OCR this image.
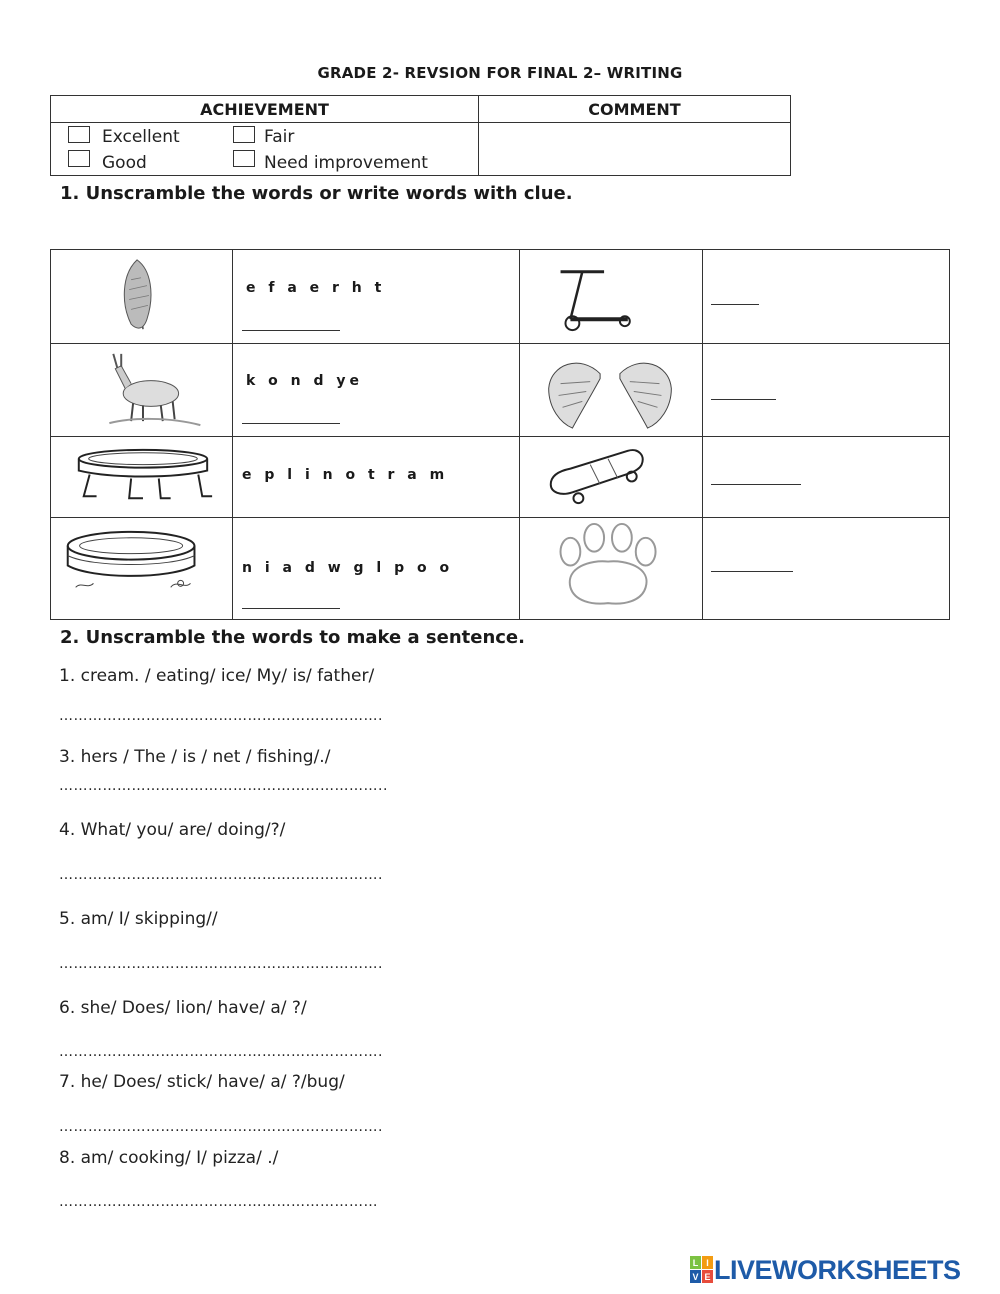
GRADE 2- REVSION FOR FINAL 2– WRITING
ACHIEVEMENT	COMMENT

Excellent Fair
Good Need improvement	

1. Unscramble the words or write words with clue.

e f a e r h t

k o n d ye

e p l i n o t r a m

n i a d w g l p o o

2. Unscramble the words to make a sentence.
1. cream. / eating/ ice/ My/ is/ father/
………………………………………………………….
3. hers / The / is / net / fishing/./
…………………………………………………………..
4. What/ you/ are/ doing/?/
………………………………………………………….
5. am/ I/ skipping//
………………………………………………………….
6. she/ Does/ lion/ have/ a/ ?/
………………………………………………………….
7. he/ Does/ stick/ have/ a/ ?/bug/
………………………………………………………….
8. am/ cooking/ I/ pizza/ ./
…………………………………………………………
L I
V E LIVEWORKSHEETS
